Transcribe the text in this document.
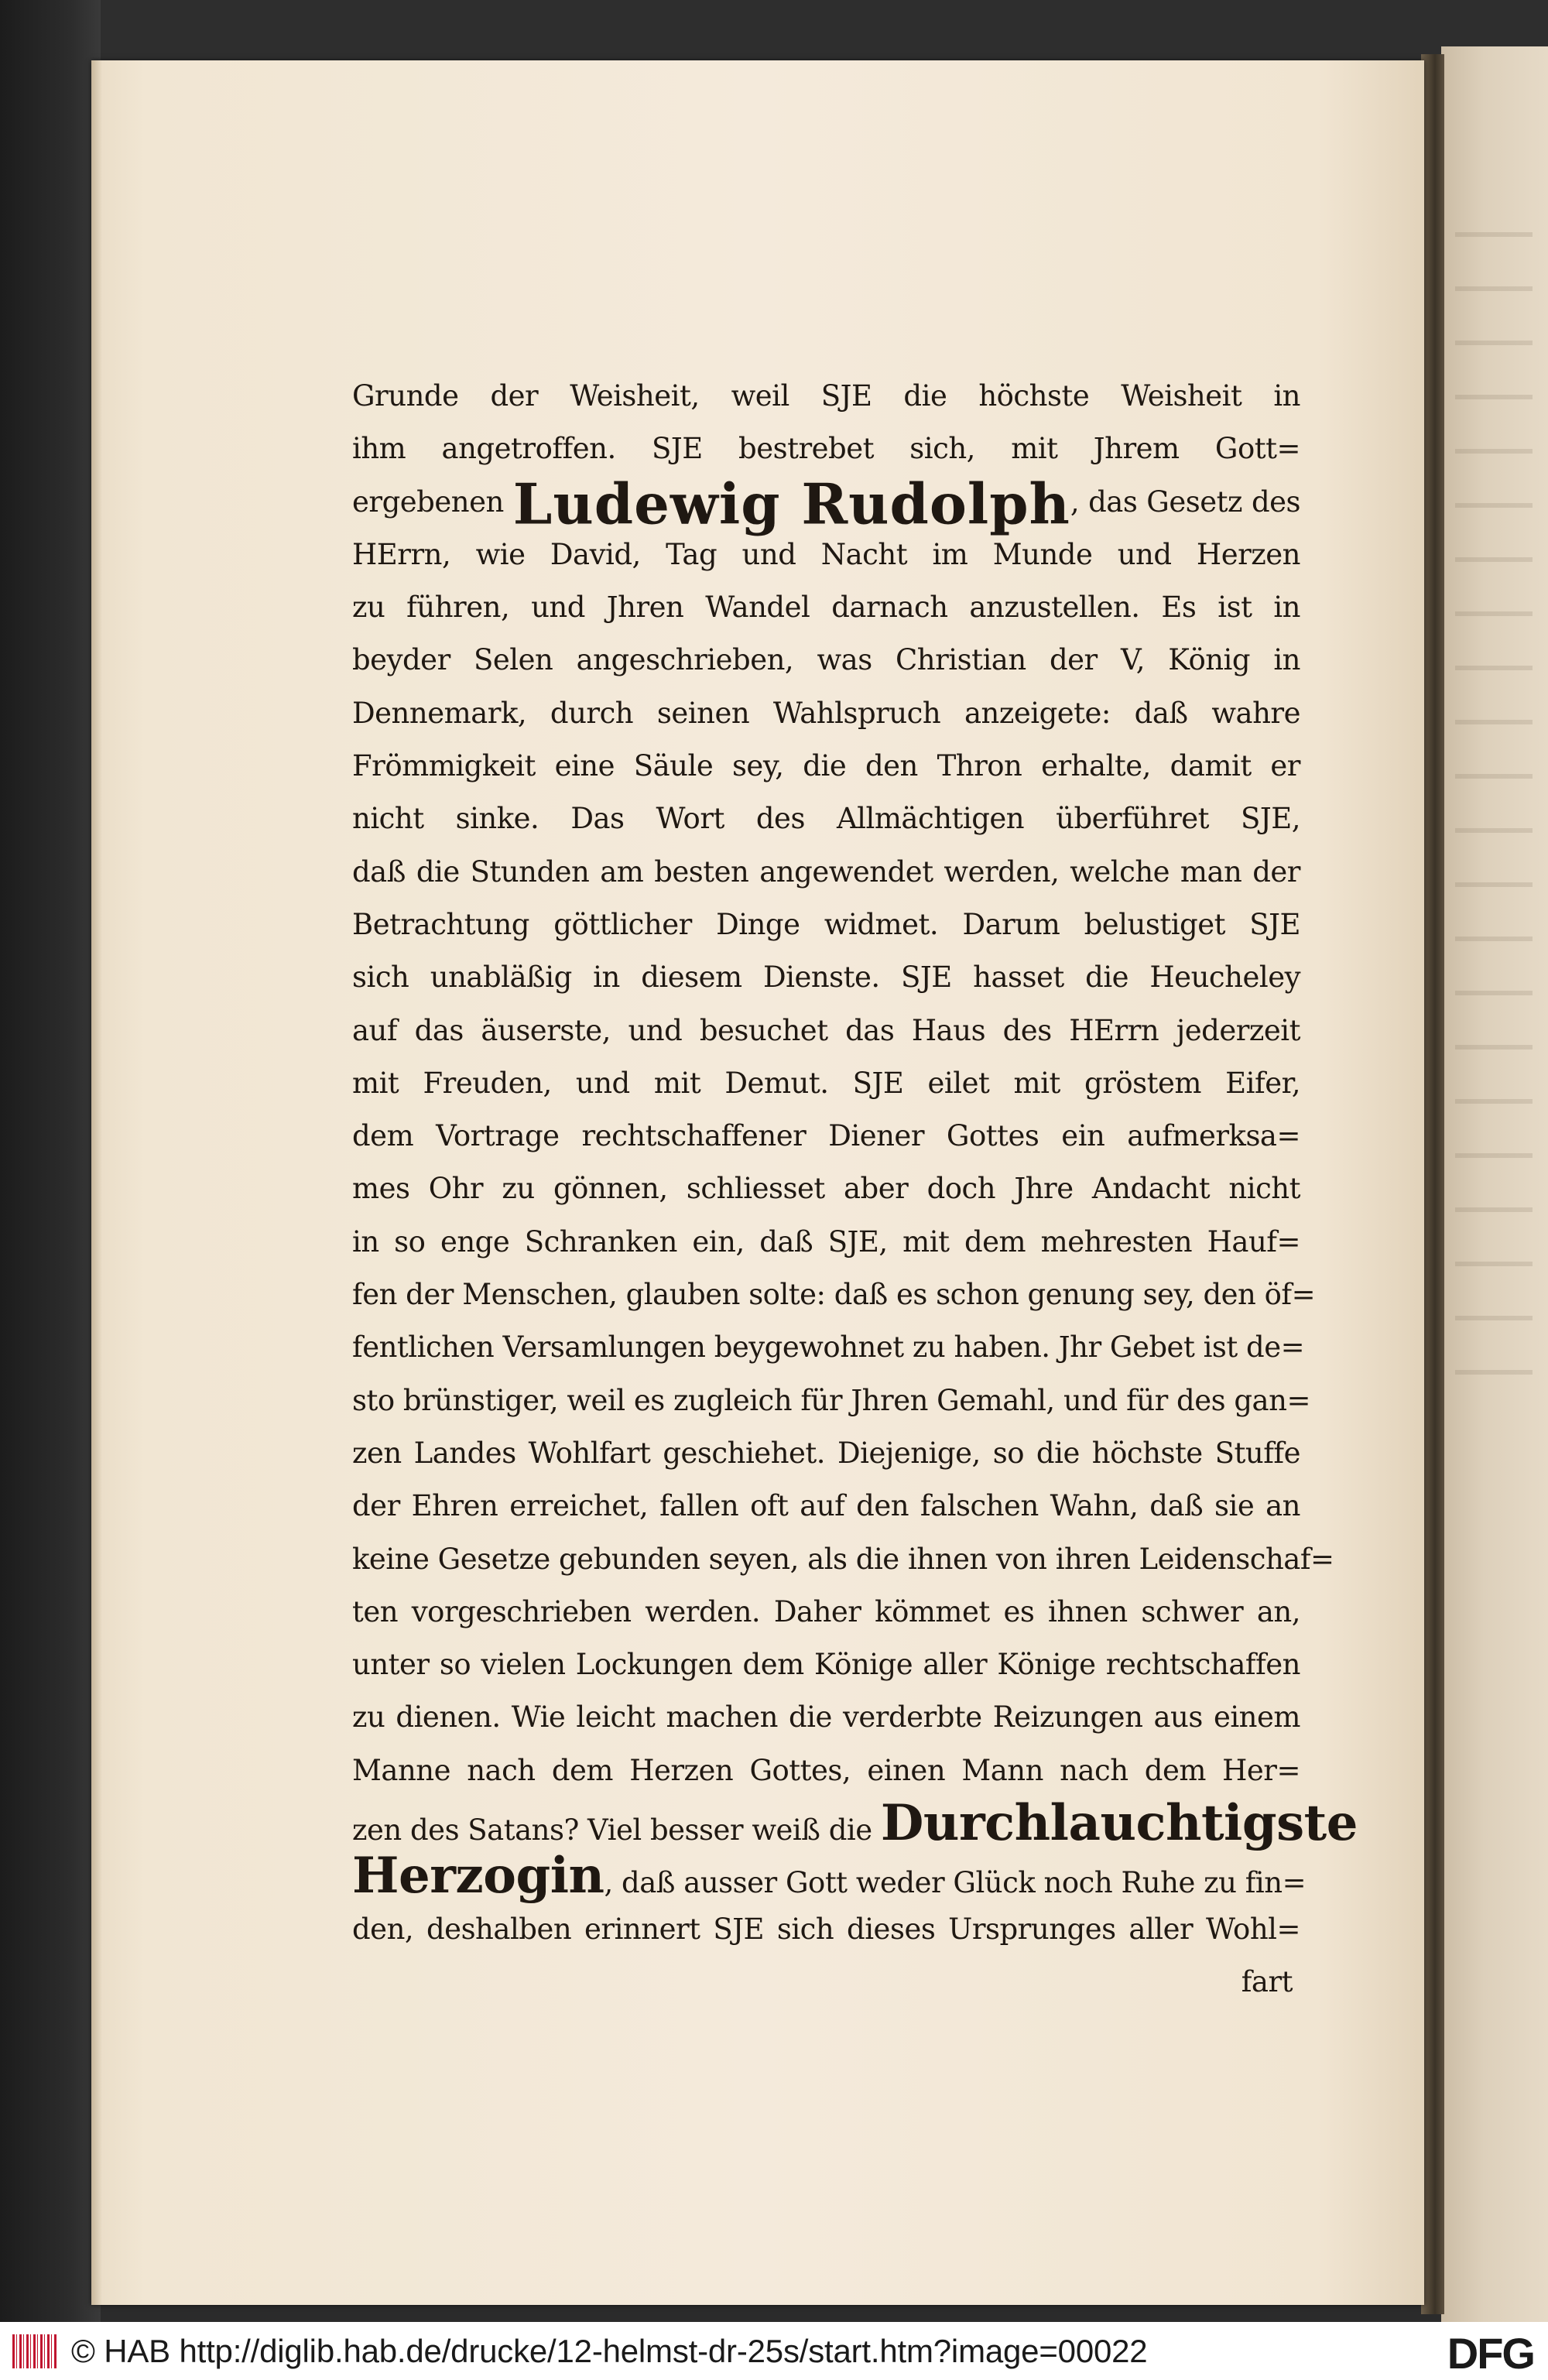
Grunde der Weisheit, weil SJE die höchste Weisheit in
ihm angetroffen. SJE bestrebet sich, mit Jhrem Gott=
ergebenen Ludewig Rudolph, das Gesetz des
HErrn, wie David, Tag und Nacht im Munde und Herzen
zu führen, und Jhren Wandel darnach anzustellen. Es ist in
beyder Selen angeschrieben, was Christian der V, König in
Dennemark, durch seinen Wahlspruch anzeigete: daß wahre
Frömmigkeit eine Säule sey, die den Thron erhalte, damit er
nicht sinke. Das Wort des Allmächtigen überführet SJE,
daß die Stunden am besten angewendet werden, welche man der
Betrachtung göttlicher Dinge widmet. Darum belustiget SJE
sich unabläßig in diesem Dienste. SJE hasset die Heucheley
auf das äuserste, und besuchet das Haus des HErrn jederzeit
mit Freuden, und mit Demut. SJE eilet mit gröstem Eifer,
dem Vortrage rechtschaffener Diener Gottes ein aufmerksa=
mes Ohr zu gönnen, schliesset aber doch Jhre Andacht nicht
in so enge Schranken ein, daß SJE, mit dem mehresten Hauf=
fen der Menschen, glauben solte: daß es schon genung sey, den öf=
fentlichen Versamlungen beygewohnet zu haben. Jhr Gebet ist de=
sto brünstiger, weil es zugleich für Jhren Gemahl, und für des gan=
zen Landes Wohlfart geschiehet. Diejenige, so die höchste Stuffe
der Ehren erreichet, fallen oft auf den falschen Wahn, daß sie an
keine Gesetze gebunden seyen, als die ihnen von ihren Leidenschaf=
ten vorgeschrieben werden. Daher kömmet es ihnen schwer an,
unter so vielen Lockungen dem Könige aller Könige rechtschaffen
zu dienen. Wie leicht machen die verderbte Reizungen aus einem
Manne nach dem Herzen Gottes, einen Mann nach dem Her=
zen des Satans? Viel besser weiß die Durchlauchtigste
Herzogin, daß ausser Gott weder Glück noch Ruhe zu fin=
den, deshalben erinnert SJE sich dieses Ursprunges aller Wohl=
fart
© HAB http://diglib.hab.de/drucke/12-helmst-dr-25s/start.htm?image=00022	DFG
